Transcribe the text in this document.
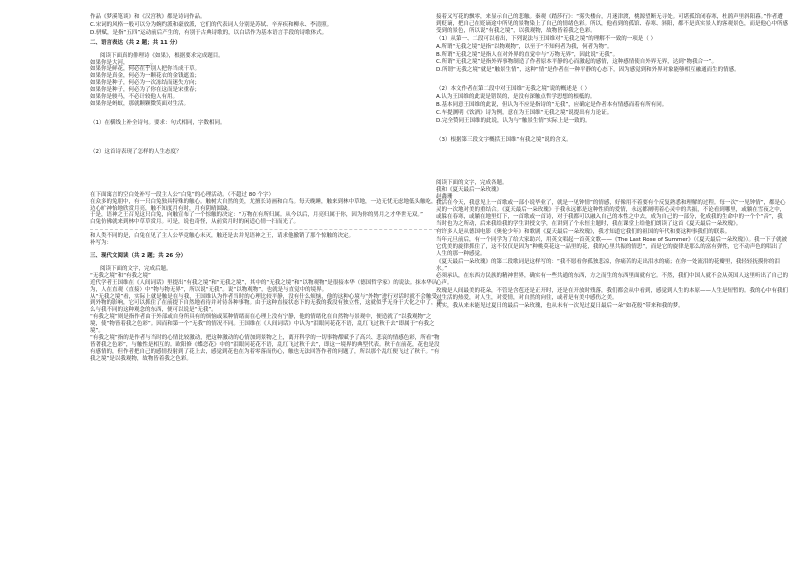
作品《梦溪笔谈》和《汉宫秋》都是诗词作品。

C.宋词的风格一般可以分为婉约派和豪放派，它们的代表词人分别是苏轼、辛弃疾和柳永、李清照。

D.骈赋，是指“五四”运动前后产生的，有别于古典诗歌的，以白话作为基本语言手段的诗歌体式。

二、语言表达（共 2 题；共 11 分）

阅读下面真的俳理诗《如果》，根据要求完成题目。

如果你是大河，________。

如果你是鲜花，何必在乎别人把你当成干草。

如果你是真金，何必为一颗花衣的金钱遮盖；

如果你是种子，何必为一次冻结而迷失方向；

如果你是种子，何必为了你在这而是宋重春；

如果你是骏马，不必计较他人有用。

如果你是蚂蚁，那就颗颗微笑面对生活。

（1）在横线上补全诗句。要求：句式相同，字数相同。

（2）这首诗表现了怎样的人生态度？

在下面寓言的空白处补写一段主人公“白兔”的心理活动。（不超过 80 个字）

在众多的兔朋中，有一只白兔独具特殊的触心。触树大自然的美，尤擅长诗画和白鸟。每天晚睡，触来到林中草地，一边无忧无虑地低头触吃，一边心旷神怡地欣赏月亮，触不知度月有时，月有阴晴圆缺。

于是，语神之王召见这只白兔，向触宣布了一个惊触的决定：“万物在有所归属。从今以后，月亮归属于你，因为你的男月之才华世无双。”

白兔仿佛就来到林中草草赏月。可是，说也奇怪，从前赏月时的闲适心情一扫而光了。

和人类不同的是，白兔在见了主人公毕竟触心未灭，触还是去并见语神之王，请求他撤销了那个惊触的决定。

补写为：

三、现代文阅读（共 2 题；共 26 分）

阅读下面的文字，完成后题。

“无我之境”和“有我之境”

近代学者王国维在《人间词话》里提出“有我之境”和“无我之境”，其中的“无我之境”和“以物观物”是很接本华（德国哲学家）的说法。抹本华认为，人在直观（直接）中“物与物无界”，所以说“无我”。说“以物观物”，也就是与直觉中的境界。

从“无我之境”看，实际上就是触是在与我，王国维认为作者当时的心理比较平静，没有什么烦恼，他的这种心境与“外物”进行对话时就不会触受到外物的影响，它可以抓住了在前提下自然地看待并对待各种事物。由于这种直接状态下的无我的我没有独立性，这就似乎无身于大化之中了，那么与我不同的这种观念的东西，便可以说是“无我”。

“有我之境”则是指作者由于外部或自身所具有的烦恼或某种情绪而在心理上没有宁静，他的情绪化在自然物与景观中，便造就了“以我观物”之境，使“物皆着我之色彩”。因而和第一个“无我”的情况不同。王国维在《人间词话》中认为“泪眼问花花不语，乱红飞过秋千去”即属于“有我之境”。

“有我之境”指的是作者与当时的心情比较激动，把这种激动的心情加到景物之上，离开科学的一切事物都赋予了高兴、悲哀的情感色彩，所看“物皆著我之色彩”，与触性是相互的。欧阳修《蝶恋花》中的“泪眼问花花不语，乱红飞过秋千去”，即这一境界的典型代表。秋千在前花，花也是没有感情的，但作者把自己的感情投射到了花上去，感觉到花也在为着零落而伤心，触也无法回答作者的问题了，所以那个乱红便飞过了秋千。“有我之境”是以我观物，故物皆着我之色彩。

接着又写花的飘零，来显示自己的悲触。秦观《踏莎行》：“雾失楼台，月迷津渡，桃源望断无寻处。可堪孤馆闭春寒，杜鹃声里斜阳暮。”作者遭到贬谪，把自己在贬谪途中所见的景物染上了自己的情绪色彩。所以，他看到的孤馆、春寒、斜阳，都不是真实景人的客观景色，而是他心中所感受到的景色，所以说“有我之境”，以我观物，故物皆着我之色彩。

（1）从第一、二段可以看出，下列说法与王国维对“无我之境”的理解不一致的一项是（ ）

A.所谓“无我之境”是指“以物观物”，以至于“不知何者为我，何者为物”。

B.所谓“无我之境”是指人在对外界的直觉中与“万物无界”，因此说“无我”。

C.所谓“无我之境”是指外界事物制造了作者原本平静的心而激起的感情，这种感情使自外界无界，达到“物我合一”。

D.所谓“无我之境”就是“触景生情”，这种“情”是作者在一种平静的心态下，因为感觉到和外界对象能够相互融通而生的情感。

（2）本文作者在第二段中对王国维“无我之境”说的概述是（ ）

A.认为王国维的此说是错误的，是没有深触点哲学思想的根柢的。

B.基本同意王国维的此说，但认为不应是指诗的“无我”，应确定是作者本有情感而着有所有同。

C.车提测明《饮酒》诗为例，意在为王国维“无我之境”说提出有力论证。

D.完全赞同王国维的此说，认为与“触景生情”实际上是一致的。

（3）根据第三段文字概括王国维“有我之境”说的含义。

阅读下面的文字，完成各题。

我和《夏天最后一朵玫瑰》

赵鑫珊

我活在今天，我意见上一首歌或一部小说毕业了，就是一见钟情”的情感，好像用不着要有个反复熟悉和理解的过程。每一次“一见钟情”，都是心灵的一次地对美的重结合。《夏天最后一朵玫瑰》于我永远都是这种性质的爱情，永远都阐明着心灵中的共振，不论看到哪里，或躺在雪夜之中，或躲在春寒，或躺在地里灯下，一首歌或一首诗，对于我都可以融入自己的本性之中去，成为自己的一部分，化成我的生命中的一个个“音”，我当时也为之所动，后来我给我的学生讲授文学，在讲到了个永恒主题时，我在课堂上给他们朗读了这首《夏天最后一朵玫瑰》。

有许多人是从德国电影《奥伦少年》和歌剧《夏天最后一朵玫瑰》，我才知道它我们的祖国的年代和要这种事我们的联系。

当年元旦前后，有一个同学为了给大家助兴，用英文唱起一首英文歌——《The Last Rose of Summer》（《夏天最后一朵玫瑰》）。我一下子就被它优美的旋律抓住了，这不仅仅是因为“种桃莫花这一品里的花，我的心里共振的情思”，而是它的旋律是那么的富有弹性，它不动声色的唱出了人生的那一种感觉。

《夏天最后一朵玫瑰》的第二段歌词是这样写的：“我不愿看你孤独悲凉，你痛苦的走出泪水的痛；在你一处流泪的花瓣里，我轻轻抚摸你的泪水。”

必须承认，在东西方民族的精神世界，确实有一些共通的东西，方之而生的东西里面就有它。不然，我们中国人就不会从英国人这里听出了自己的心声。

玫瑰是人间最美的花朵，不管是含苞还是正开时，还是在开放时残落，我们都会从中看到，感觉到人生的本原——人生是短暂的。我的心中有我们对生活的热爱，对人生，对爱情，对自然的向往，或者是有美中感伤之美。

其实，我从来未能见过夏日的最后一朵玫瑰，也从未有一次见过夏日最后一朵“如花般”带来和我的梦。
